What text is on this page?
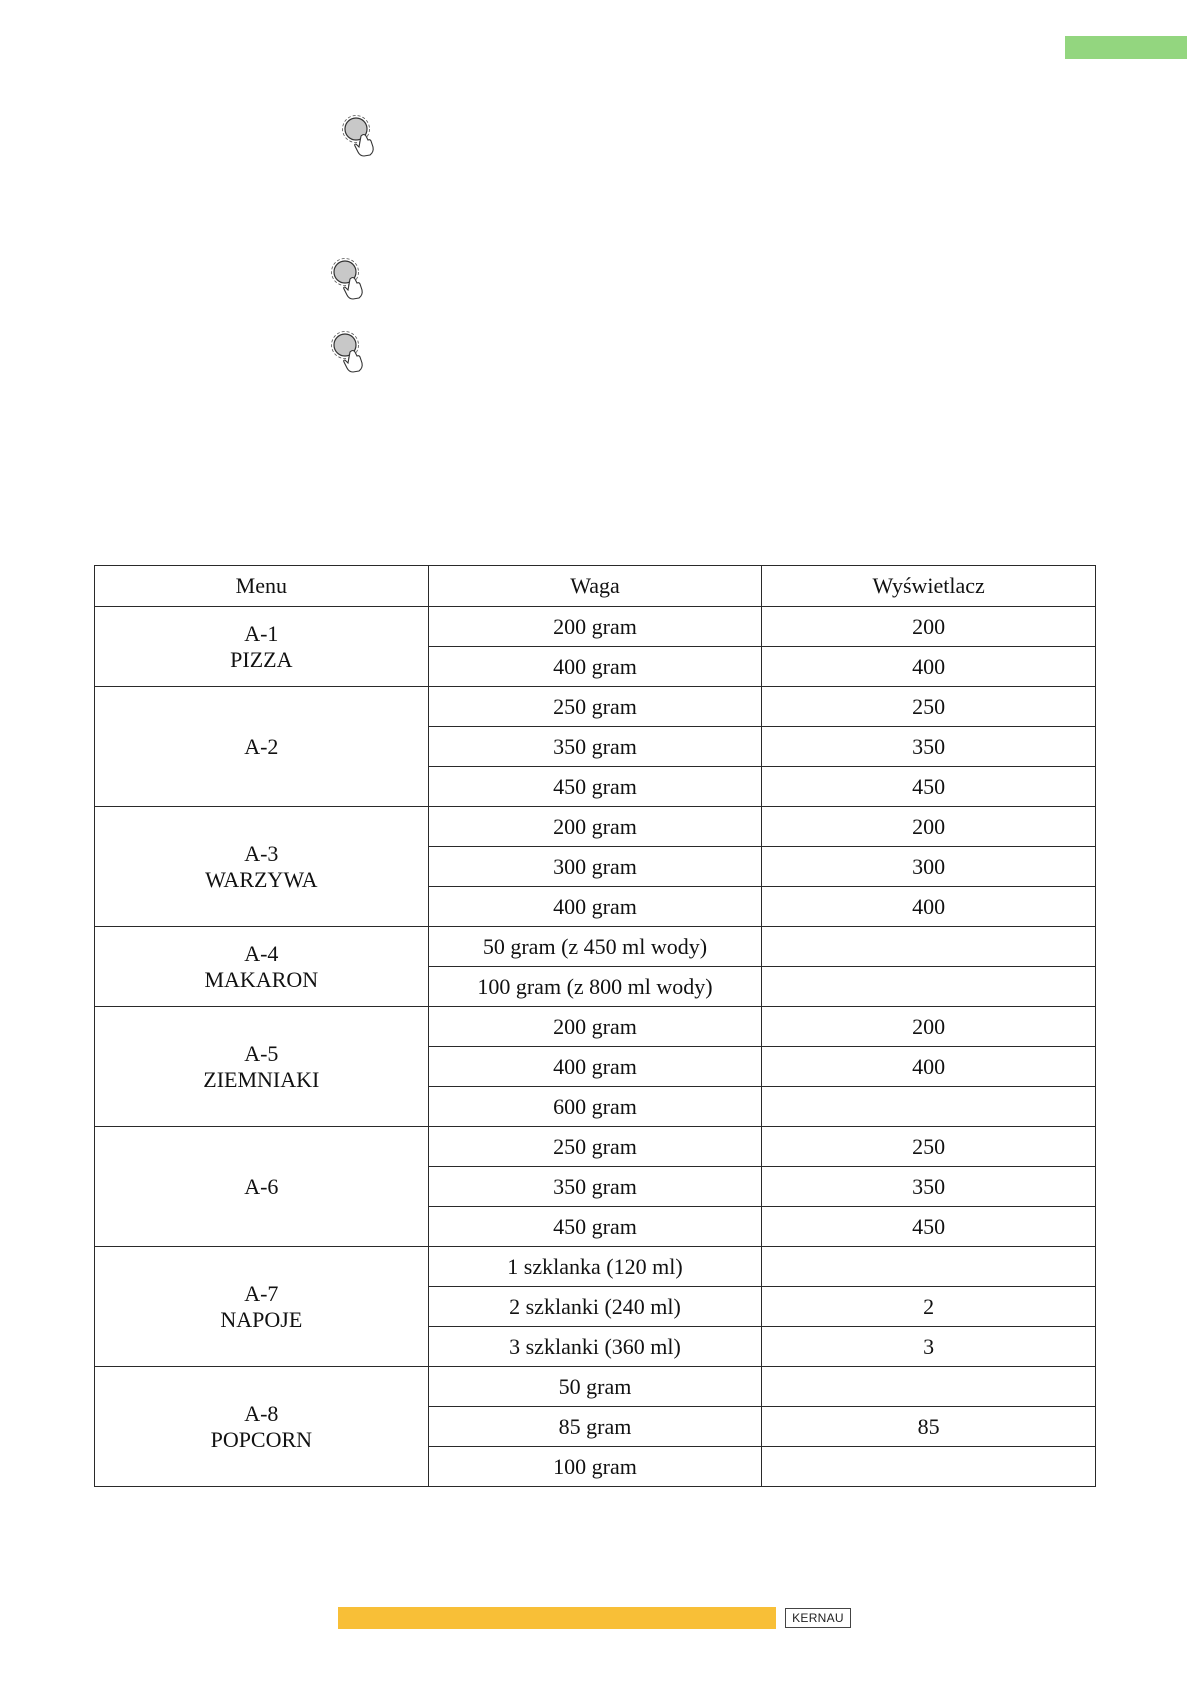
Menu	Waga	Wyświetlacz

A-1
PIZZA	200 gram	200
	400 gram	400

A-2	250 gram	250
	350 gram	350
	450 gram	450

A-3
WARZYWA	200 gram	200
	300 gram	300
	400 gram	400

A-4
MAKARON	50 gram (z 450 ml wody)	
	100 gram (z 800 ml wody)	

A-5
ZIEMNIAKI	200 gram	200
	400 gram	400
	600 gram	

A-6	250 gram	250
	350 gram	350
	450 gram	450

A-7
NAPOJE	1 szklanka (120 ml)	
	2 szklanki (240 ml)	2
	3 szklanki (360 ml)	3

A-8
POPCORN	50 gram	
	85 gram	85
	100 gram	
KERNAU
